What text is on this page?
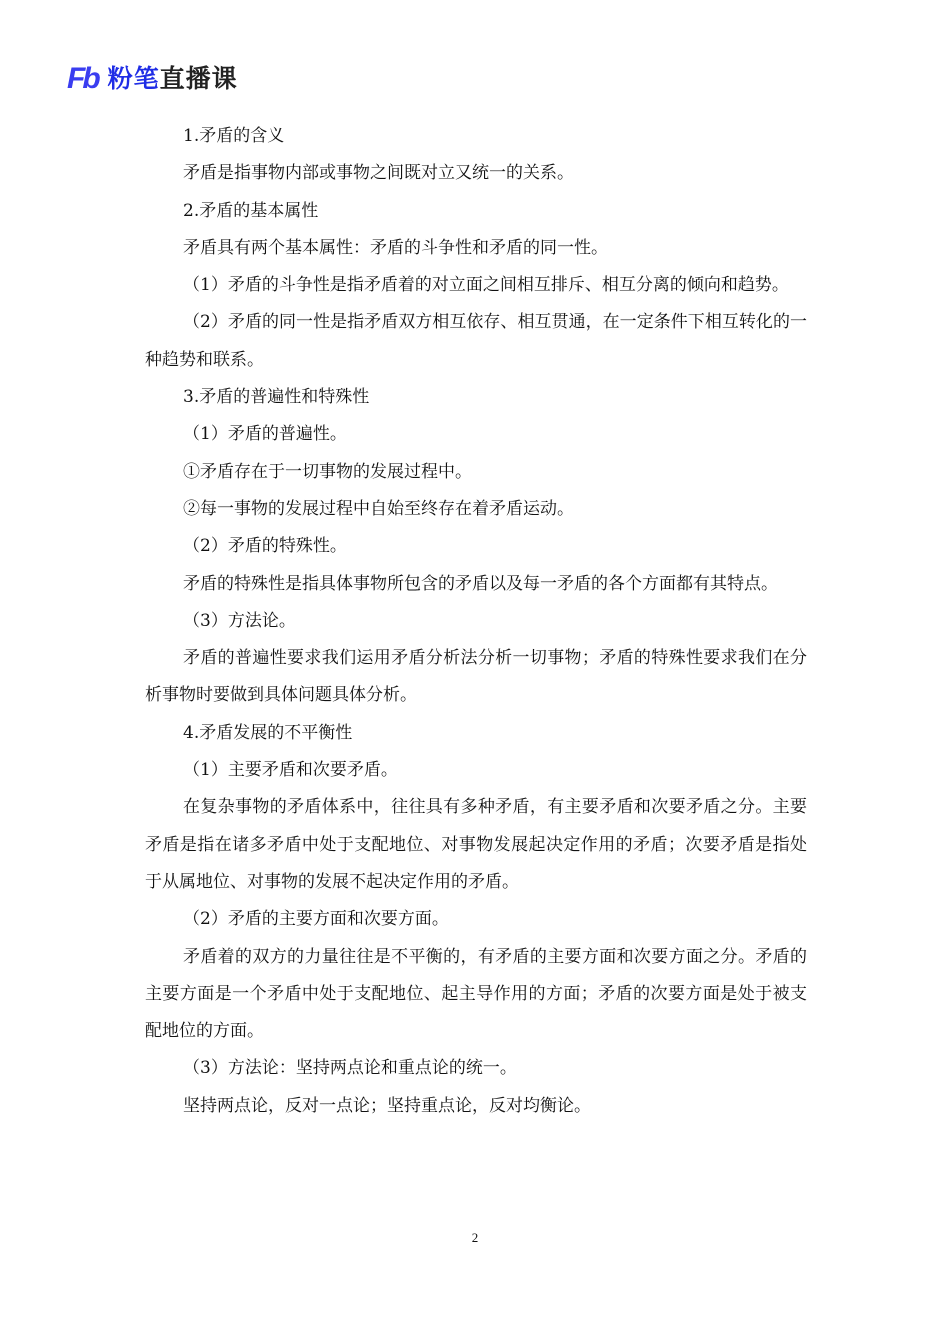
Fb 粉笔直播课

1.矛盾的含义

矛盾是指事物内部或事物之间既对立又统一的关系。

2.矛盾的基本属性

矛盾具有两个基本属性：矛盾的斗争性和矛盾的同一性。

（1）矛盾的斗争性是指矛盾着的对立面之间相互排斥、相互分离的倾向和趋势。

（2）矛盾的同一性是指矛盾双方相互依存、相互贯通，在一定条件下相互转化的一种趋势和联系。

3.矛盾的普遍性和特殊性

（1）矛盾的普遍性。

①矛盾存在于一切事物的发展过程中。

②每一事物的发展过程中自始至终存在着矛盾运动。

（2）矛盾的特殊性。

矛盾的特殊性是指具体事物所包含的矛盾以及每一矛盾的各个方面都有其特点。

（3）方法论。

矛盾的普遍性要求我们运用矛盾分析法分析一切事物；矛盾的特殊性要求我们在分析事物时要做到具体问题具体分析。

4.矛盾发展的不平衡性

（1）主要矛盾和次要矛盾。

在复杂事物的矛盾体系中，往往具有多种矛盾，有主要矛盾和次要矛盾之分。主要矛盾是指在诸多矛盾中处于支配地位、对事物发展起决定作用的矛盾；次要矛盾是指处于从属地位、对事物的发展不起决定作用的矛盾。

（2）矛盾的主要方面和次要方面。

矛盾着的双方的力量往往是不平衡的，有矛盾的主要方面和次要方面之分。矛盾的主要方面是一个矛盾中处于支配地位、起主导作用的方面；矛盾的次要方面是处于被支配地位的方面。

（3）方法论：坚持两点论和重点论的统一。

坚持两点论，反对一点论；坚持重点论，反对均衡论。

2
